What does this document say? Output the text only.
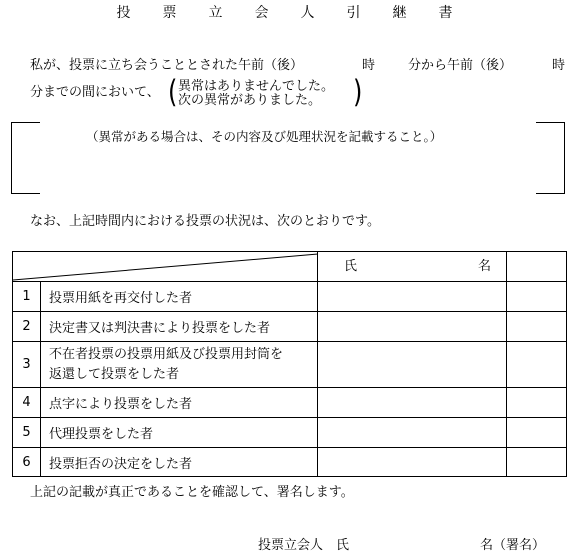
投　票　立　会　人　引　継　書
私が、投票に立ち会うこととされた午前（後）	時	分から午前（後）	時
分までの間において、 ( 異常はありませんでした。
次の異常がありました。 )
（異常がある場合は、その内容及び処理状況を記載すること。）
なお、上記時間内における投票の状況は、次のとおりです。

氏 名	

1	投票用紙を再交付した者		
2	決定書又は判決書により投票をした者		
3	不在者投票の投票用紙及び投票用封筒を
返還して投票をした者		

4	点字により投票をした者		
5	代理投票をした者		
6	投票拒否の決定をした者		
上記の記載が真正であることを確認して、署名します。
投票立会人　氏	名（署名）
